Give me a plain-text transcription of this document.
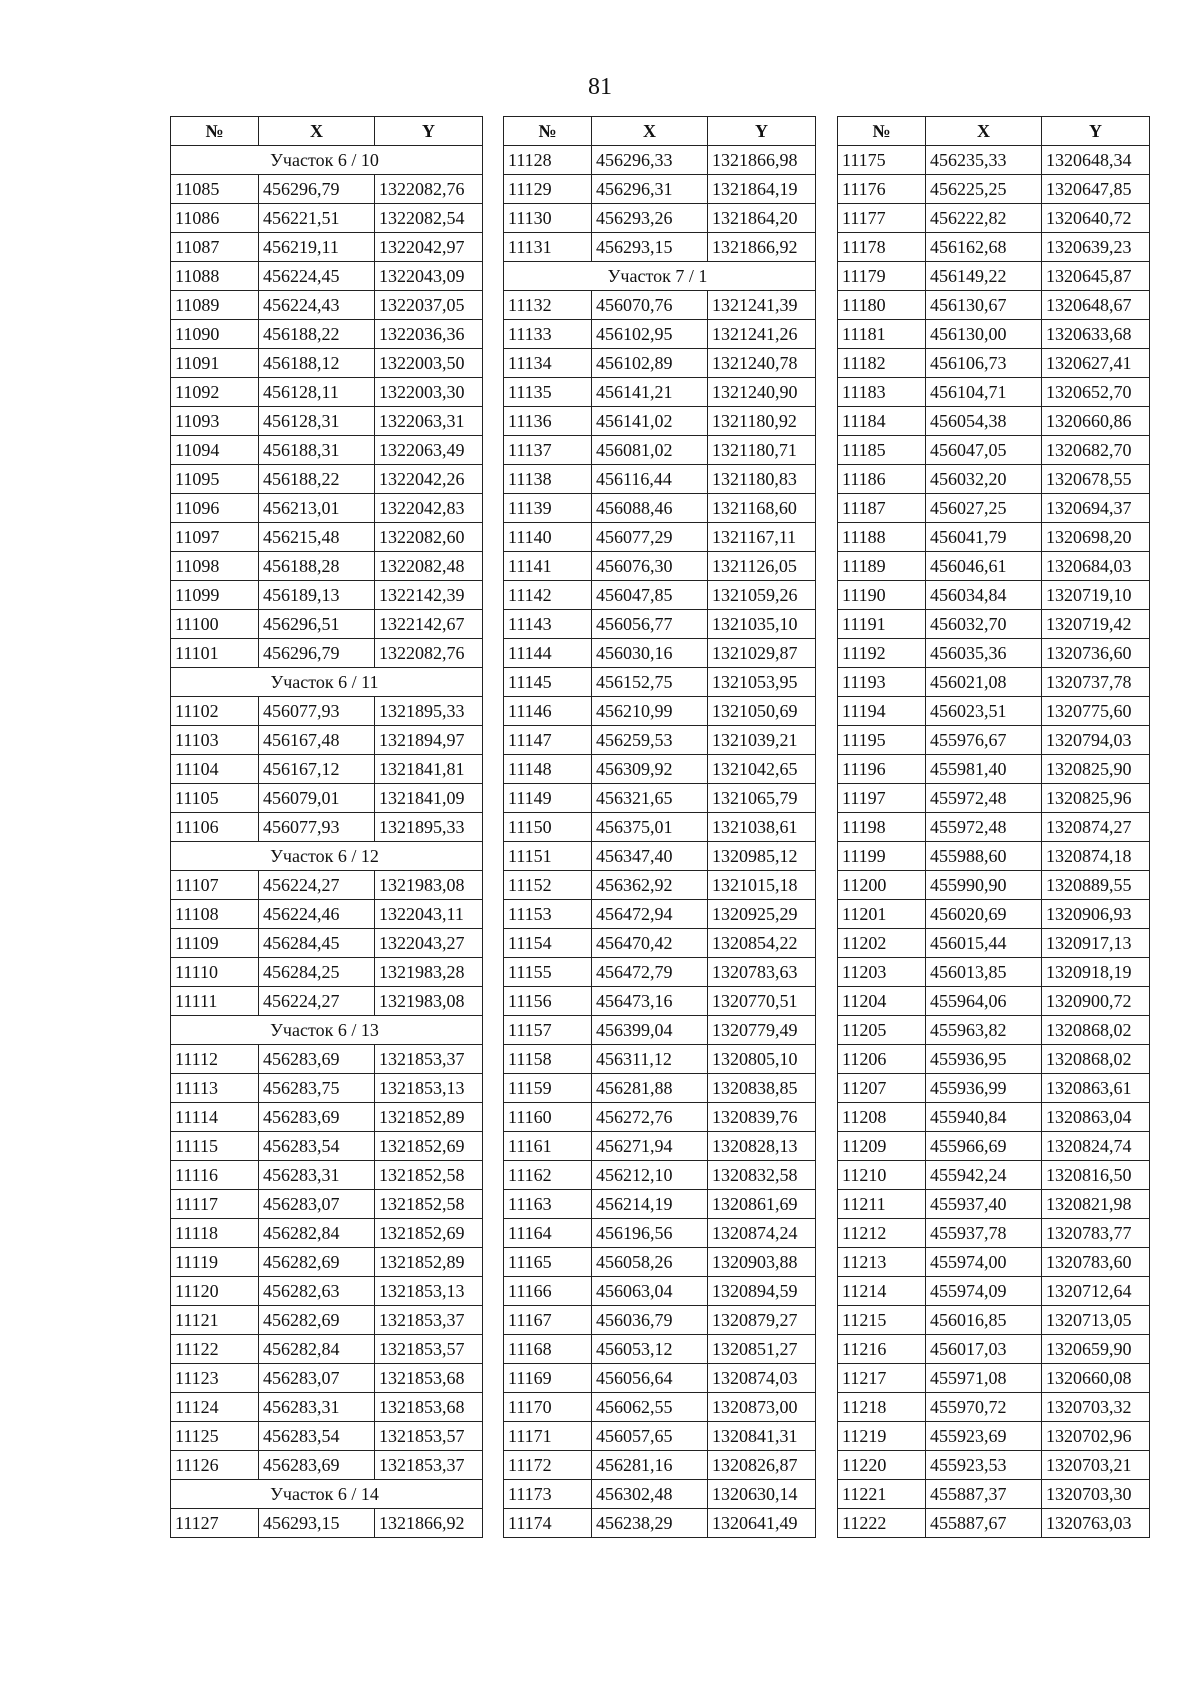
81
№	X	Y
Участок 6 / 10		
11085	456296,79	1322082,76
11086	456221,51	1322082,54
11087	456219,11	1322042,97
11088	456224,45	1322043,09
11089	456224,43	1322037,05
11090	456188,22	1322036,36
11091	456188,12	1322003,50
11092	456128,11	1322003,30
11093	456128,31	1322063,31
11094	456188,31	1322063,49
11095	456188,22	1322042,26
11096	456213,01	1322042,83
11097	456215,48	1322082,60
11098	456188,28	1322082,48
11099	456189,13	1322142,39
11100	456296,51	1322142,67
11101	456296,79	1322082,76
Участок 6 / 11		
11102	456077,93	1321895,33
11103	456167,48	1321894,97
11104	456167,12	1321841,81
11105	456079,01	1321841,09
11106	456077,93	1321895,33
Участок 6 / 12		
11107	456224,27	1321983,08
11108	456224,46	1322043,11
11109	456284,45	1322043,27
11110	456284,25	1321983,28
11111	456224,27	1321983,08
Участок 6 / 13		
11112	456283,69	1321853,37
11113	456283,75	1321853,13
11114	456283,69	1321852,89
11115	456283,54	1321852,69
11116	456283,31	1321852,58
11117	456283,07	1321852,58
11118	456282,84	1321852,69
11119	456282,69	1321852,89
11120	456282,63	1321853,13
11121	456282,69	1321853,37
11122	456282,84	1321853,57
11123	456283,07	1321853,68
11124	456283,31	1321853,68
11125	456283,54	1321853,57
11126	456283,69	1321853,37
Участок 6 / 14		
11127	456293,15	1321866,92
№	X	Y
11128	456296,33	1321866,98
11129	456296,31	1321864,19
11130	456293,26	1321864,20
11131	456293,15	1321866,92
Участок 7 / 1		
11132	456070,76	1321241,39
11133	456102,95	1321241,26
11134	456102,89	1321240,78
11135	456141,21	1321240,90
11136	456141,02	1321180,92
11137	456081,02	1321180,71
11138	456116,44	1321180,83
11139	456088,46	1321168,60
11140	456077,29	1321167,11
11141	456076,30	1321126,05
11142	456047,85	1321059,26
11143	456056,77	1321035,10
11144	456030,16	1321029,87
11145	456152,75	1321053,95
11146	456210,99	1321050,69
11147	456259,53	1321039,21
11148	456309,92	1321042,65
11149	456321,65	1321065,79
11150	456375,01	1321038,61
11151	456347,40	1320985,12
11152	456362,92	1321015,18
11153	456472,94	1320925,29
11154	456470,42	1320854,22
11155	456472,79	1320783,63
11156	456473,16	1320770,51
11157	456399,04	1320779,49
11158	456311,12	1320805,10
11159	456281,88	1320838,85
11160	456272,76	1320839,76
11161	456271,94	1320828,13
11162	456212,10	1320832,58
11163	456214,19	1320861,69
11164	456196,56	1320874,24
11165	456058,26	1320903,88
11166	456063,04	1320894,59
11167	456036,79	1320879,27
11168	456053,12	1320851,27
11169	456056,64	1320874,03
11170	456062,55	1320873,00
11171	456057,65	1320841,31
11172	456281,16	1320826,87
11173	456302,48	1320630,14
11174	456238,29	1320641,49
№	X	Y
11175	456235,33	1320648,34
11176	456225,25	1320647,85
11177	456222,82	1320640,72
11178	456162,68	1320639,23
11179	456149,22	1320645,87
11180	456130,67	1320648,67
11181	456130,00	1320633,68
11182	456106,73	1320627,41
11183	456104,71	1320652,70
11184	456054,38	1320660,86
11185	456047,05	1320682,70
11186	456032,20	1320678,55
11187	456027,25	1320694,37
11188	456041,79	1320698,20
11189	456046,61	1320684,03
11190	456034,84	1320719,10
11191	456032,70	1320719,42
11192	456035,36	1320736,60
11193	456021,08	1320737,78
11194	456023,51	1320775,60
11195	455976,67	1320794,03
11196	455981,40	1320825,90
11197	455972,48	1320825,96
11198	455972,48	1320874,27
11199	455988,60	1320874,18
11200	455990,90	1320889,55
11201	456020,69	1320906,93
11202	456015,44	1320917,13
11203	456013,85	1320918,19
11204	455964,06	1320900,72
11205	455963,82	1320868,02
11206	455936,95	1320868,02
11207	455936,99	1320863,61
11208	455940,84	1320863,04
11209	455966,69	1320824,74
11210	455942,24	1320816,50
11211	455937,40	1320821,98
11212	455937,78	1320783,77
11213	455974,00	1320783,60
11214	455974,09	1320712,64
11215	456016,85	1320713,05
11216	456017,03	1320659,90
11217	455971,08	1320660,08
11218	455970,72	1320703,32
11219	455923,69	1320702,96
11220	455923,53	1320703,21
11221	455887,37	1320703,30
11222	455887,67	1320763,03
